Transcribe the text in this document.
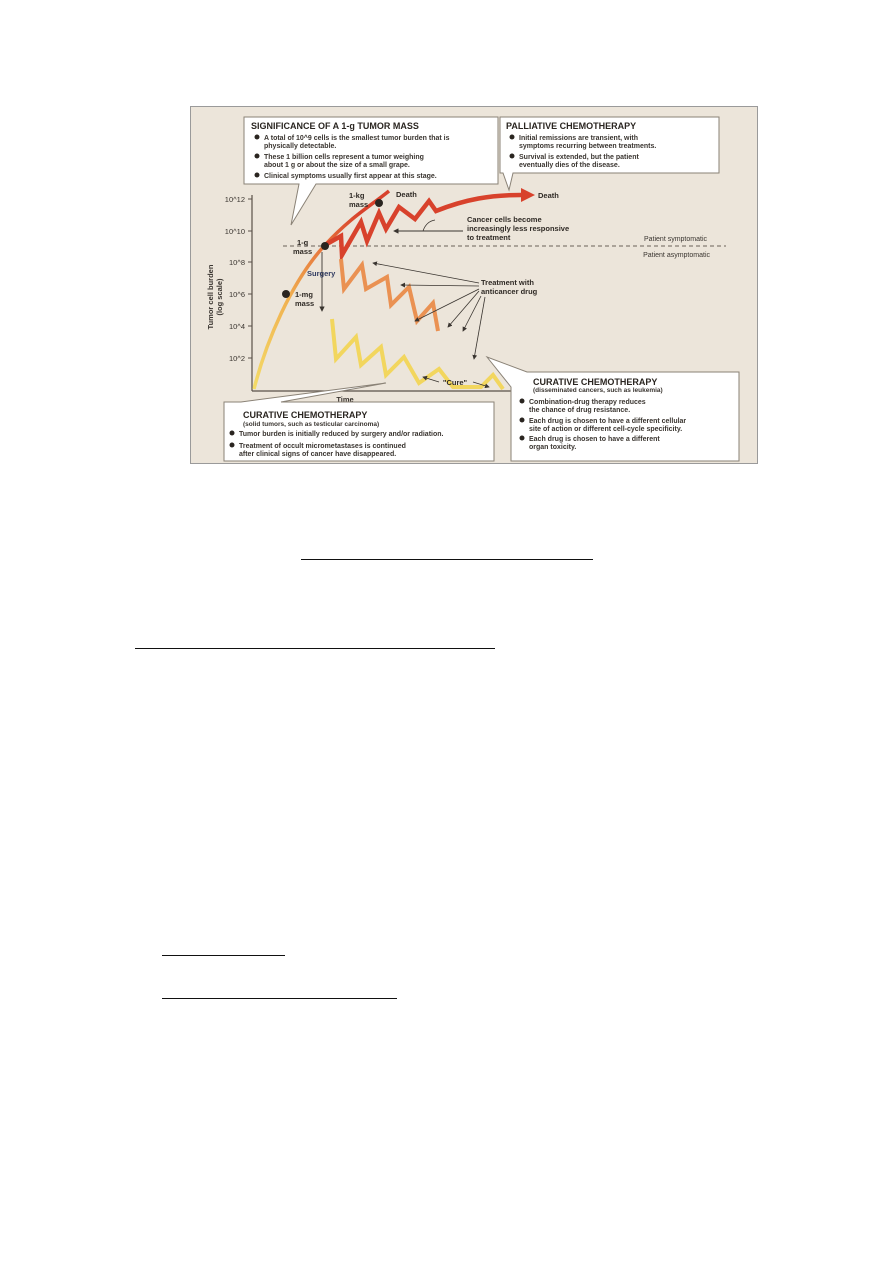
10^12
10^10
10^8
10^6
10^4
10^2
Tumor cell burden (log scale)
Time
Patient symptomatic
Patient asymptomatic
1-kg
mass
Death	Death
1-g
mass
1-mg
mass
Surgery
Cancer cells become
increasingly less responsive
to treatment
Treatment with
anticancer drug
"Cure"
SIGNIFICANCE OF A 1-g TUMOR MASS
A total of 10^9 cells is the smallest tumor burden that is
physically detectable.
These 1 billion cells represent a tumor weighing
about 1 g or about the size of a small grape.
Clinical symptoms usually first appear at this stage.
PALLIATIVE CHEMOTHERAPY
Initial remissions are transient, with
symptoms recurring between treatments.
Survival is extended, but the patient
eventually dies of the disease.
CURATIVE CHEMOTHERAPY
(solid tumors, such as testicular carcinoma)
Tumor burden is initially reduced by surgery and/or radiation.
Treatment of occult micrometastases is continued
after clinical signs of cancer have disappeared.
CURATIVE CHEMOTHERAPY
(disseminated cancers, such as leukemia)
Combination-drug therapy reduces
the chance of drug resistance.
Each drug is chosen to have a different cellular
site of action or different cell-cycle specificity.
Each drug is chosen to have a different
organ toxicity.
